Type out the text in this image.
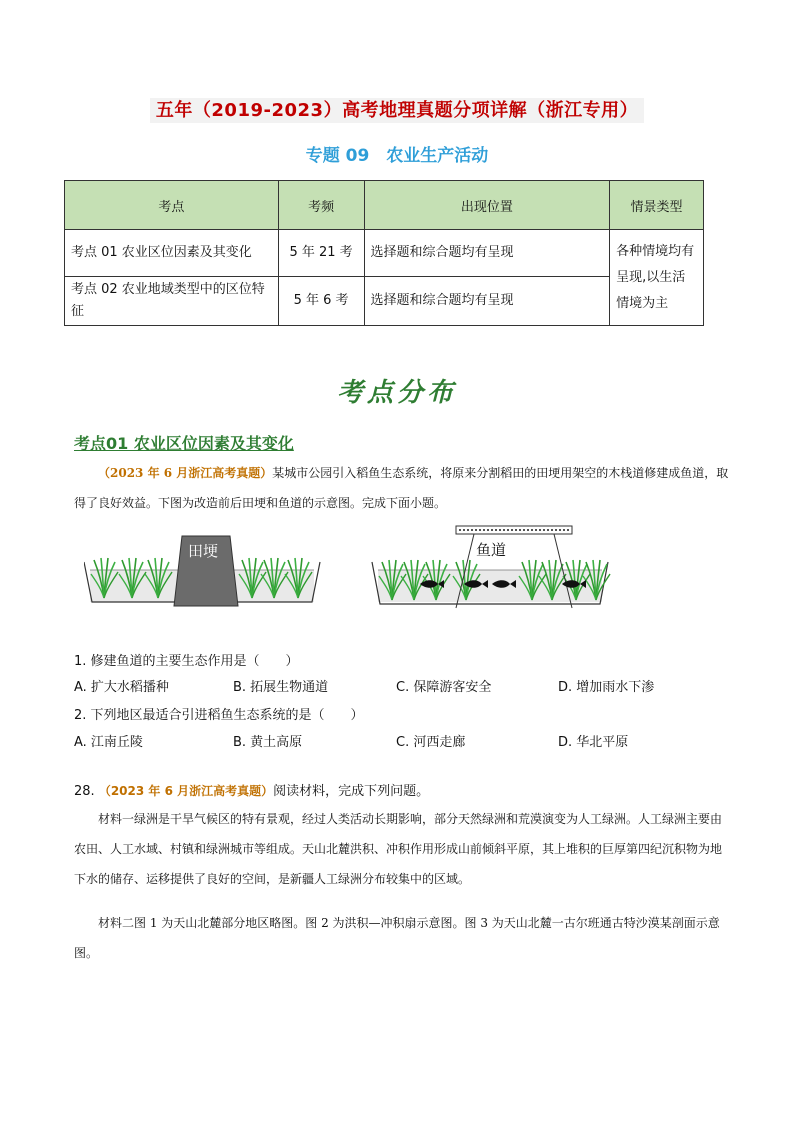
五年（2019-2023）高考地理真题分项详解（浙江专用）
专题 09　农业生产活动
考点	考频	出现位置	情景类型
考点 01 农业区位因素及其变化	5 年 21 考	选择题和综合题均有呈现	各种情境均有呈现,以生活情境为主
考点 02 农业地域类型中的区位特征	5 年 6 考	选择题和综合题均有呈现	
考点分布
考点01 农业区位因素及其变化
（2023 年 6 月浙江高考真题）某城市公园引入稻鱼生态系统，将原来分割稻田的田埂用架空的木栈道修建成鱼道，取得了良好效益。下图为改造前后田埂和鱼道的示意图。完成下面小题。
田埂	鱼道
1. 修建鱼道的主要生态作用是（　　）
A. 扩大水稻播种	B. 拓展生物通道	C. 保障游客安全	D. 增加雨水下渗
2. 下列地区最适合引进稻鱼生态系统的是（　　）
A. 江南丘陵	B. 黄土高原	C. 河西走廊	D. 华北平原
28. （2023 年 6 月浙江高考真题）阅读材料，完成下列问题。
材料一绿洲是干旱气候区的特有景观，经过人类活动长期影响，部分天然绿洲和荒漠演变为人工绿洲。人工绿洲主要由农田、人工水域、村镇和绿洲城市等组成。天山北麓洪积、冲积作用形成山前倾斜平原，其上堆积的巨厚第四纪沉积物为地下水的储存、运移提供了良好的空间，是新疆人工绿洲分布较集中的区域。
材料二图 1 为天山北麓部分地区略图。图 2 为洪积—冲积扇示意图。图 3 为天山北麓一古尔班通古特沙漠某剖面示意图。
